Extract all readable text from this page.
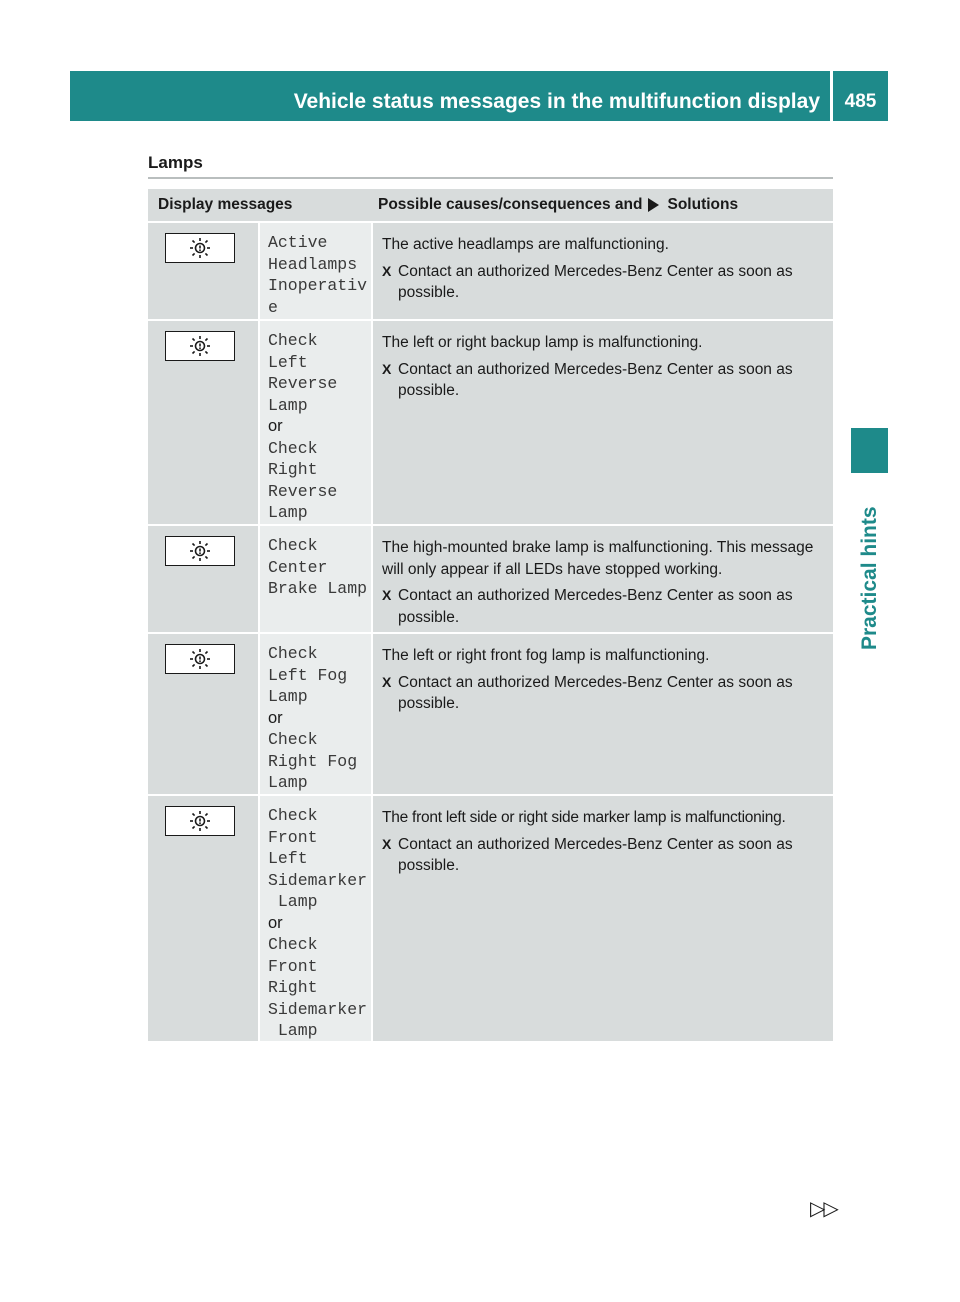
Vehicle status messages in the multifunction display	485
Practical hints
Lamps
Display messages	Possible causes/consequences and Solutions
Active
Headlamps
Inoperativ
e

The active headlamps are malfunctioning.

X Contact an authorized Mercedes-Benz Center as soon as possible.
Check
Left
Reverse
Lamp
or
Check
Right
Reverse
Lamp

The left or right backup lamp is malfunctioning.

X Contact an authorized Mercedes-Benz Center as soon as possible.
Check
Center
Brake Lamp

The high-mounted brake lamp is malfunctioning. This message will only appear if all LEDs have stopped working.

X Contact an authorized Mercedes-Benz Center as soon as possible.
Check
Left Fog
Lamp
or
Check
Right Fog
Lamp

The left or right front fog lamp is malfunctioning.

X Contact an authorized Mercedes-Benz Center as soon as possible.
Check
Front
Left
Sidemarker
Lamp
or
Check
Front
Right
Sidemarker
Lamp

The front left side or right side marker lamp is malfunctioning.

X Contact an authorized Mercedes-Benz Center as soon as possible.
▷▷
